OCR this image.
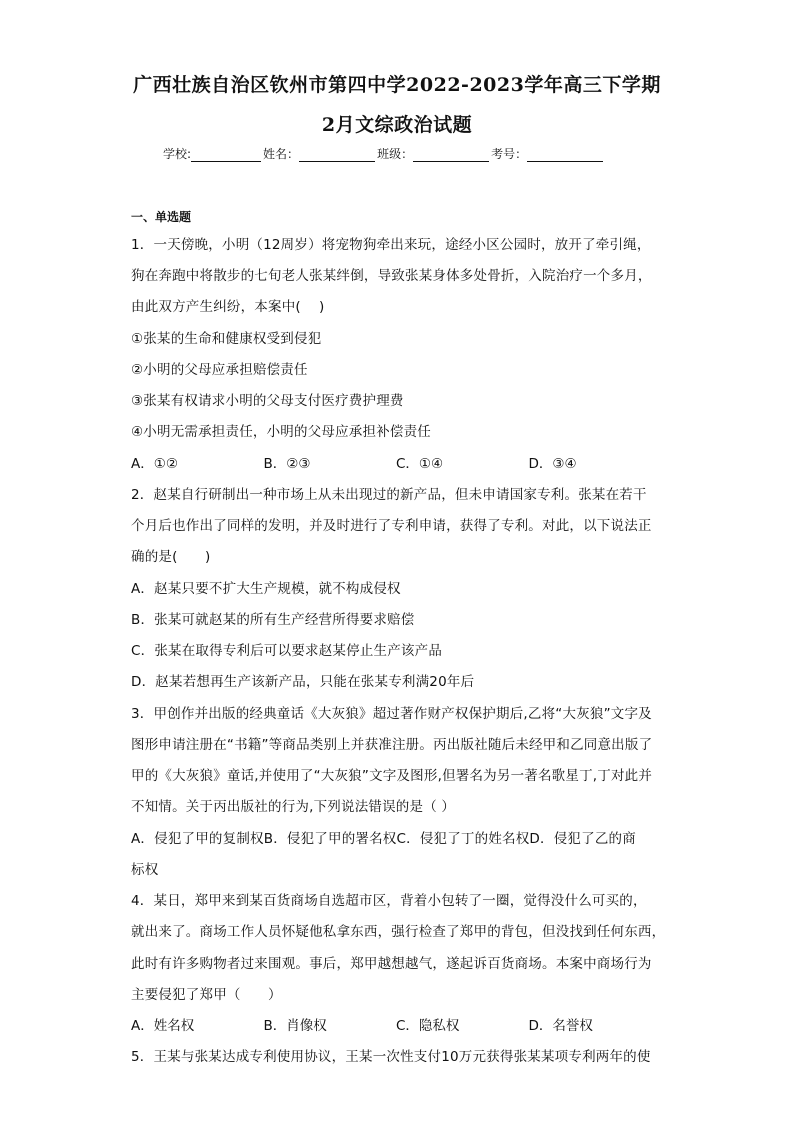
广西壮族自治区钦州市第四中学2022-2023学年高三下学期
2月文综政治试题
学校:	姓名：	班级：	考号：
一、单选题
1．一天傍晚，小明（12周岁）将宠物狗牵出来玩，途经小区公园时，放开了牵引绳，
狗在奔跑中将散步的七旬老人张某绊倒，导致张某身体多处骨折，入院治疗一个多月，
由此双方产生纠纷，本案中(　 )
①张某的生命和健康权受到侵犯
②小明的父母应承担赔偿责任
③张某有权请求小明的父母支付医疗费护理费
④小明无需承担责任，小明的父母应承担补偿责任
A．①②	B．②③	C．①④	D．③④
2．赵某自行研制出一种市场上从未出现过的新产品，但未申请国家专利。张某在若干
个月后也作出了同样的发明，并及时进行了专利申请，获得了专利。对此，以下说法正
确的是(　　)
A．赵某只要不扩大生产规模，就不构成侵权
B．张某可就赵某的所有生产经营所得要求赔偿
C．张某在取得专利后可以要求赵某停止生产该产品
D．赵某若想再生产该新产品，只能在张某专利满20年后
3．甲创作并出版的经典童话《大灰狼》超过著作财产权保护期后,乙将“大灰狼”文字及
图形申请注册在“书籍”等商品类别上并获准注册。丙出版社随后未经甲和乙同意出版了
甲的《大灰狼》童话,并使用了“大灰狼”文字及图形,但署名为另一著名歌星丁,丁对此并
不知情。关于丙出版社的行为,下列说法错误的是（ ）
A．侵犯了甲的复制权B．侵犯了甲的署名权C．侵犯了丁的姓名权D．侵犯了乙的商
标权
4．某日，郑甲来到某百货商场自选超市区，背着小包转了一圈，觉得没什么可买的，
就出来了。商场工作人员怀疑他私拿东西，强行检查了郑甲的背包，但没找到任何东西，
此时有许多购物者过来围观。事后，郑甲越想越气，遂起诉百货商场。本案中商场行为
主要侵犯了郑甲（　　）
A．姓名权	B．肖像权	C．隐私权	D．名誉权
5．王某与张某达成专利使用协议，王某一次性支付10万元获得张某某项专利两年的使
